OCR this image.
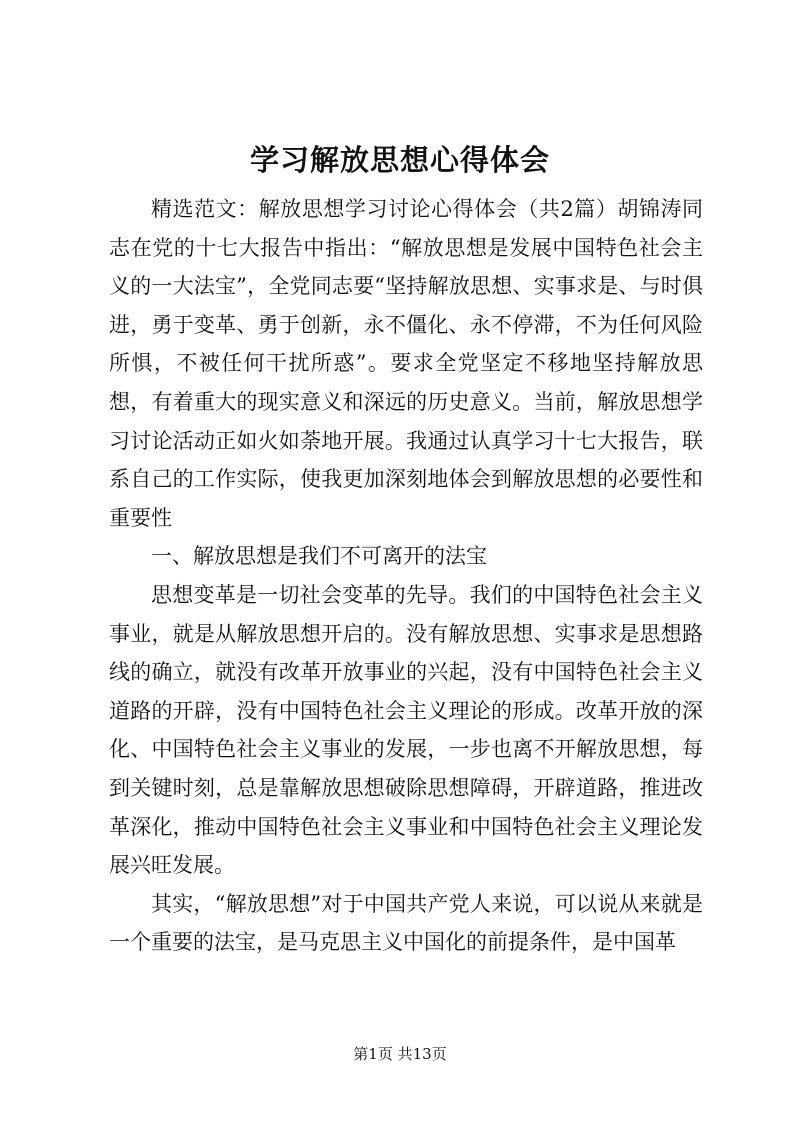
学习解放思想心得体会

精选范文：解放思想学习讨论心得体会（共2篇）胡锦涛同志在党的十七大报告中指出：“解放思想是发展中国特色社会主义的一大法宝”，全党同志要“坚持解放思想、实事求是、与时俱进，勇于变革、勇于创新，永不僵化、永不停滞，不为任何风险所惧，不被任何干扰所惑”。要求全党坚定不移地坚持解放思想，有着重大的现实意义和深远的历史意义。当前，解放思想学习讨论活动正如火如荼地开展。我通过认真学习十七大报告，联系自己的工作实际，使我更加深刻地体会到解放思想的必要性和重要性

一、解放思想是我们不可离开的法宝

思想变革是一切社会变革的先导。我们的中国特色社会主义事业，就是从解放思想开启的。没有解放思想、实事求是思想路线的确立，就没有改革开放事业的兴起，没有中国特色社会主义道路的开辟，没有中国特色社会主义理论的形成。改革开放的深化、中国特色社会主义事业的发展，一步也离不开解放思想，每到关键时刻，总是靠解放思想破除思想障碍，开辟道路，推进改革深化，推动中国特色社会主义事业和中国特色社会主义理论发展兴旺发展。

其实，“解放思想”对于中国共产党人来说，可以说从来就是一个重要的法宝，是马克思主义中国化的前提条件，是中国革

第1页 共13页
